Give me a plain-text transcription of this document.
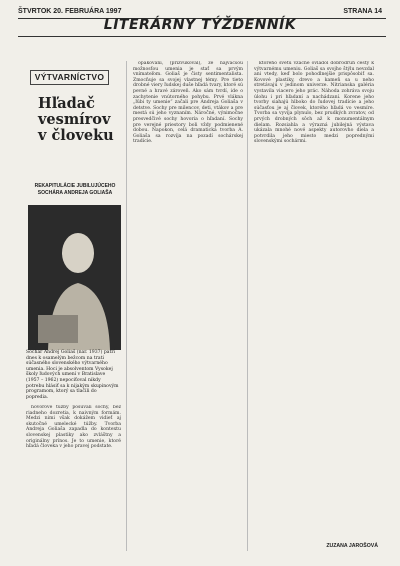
ŠTVRTOK 20. FEBRUÁRA 1997	STRANA 14
LITERÁRNY TÝŽDENNÍK
VÝTVARNÍCTVO
Hľadač vesmírov v človeku
REKAPITULÁCIE JUBILUJÚCEHO SOCHÁRA ANDREJA GOLIAŠA
Sochár Andrej Goliaš (nar. 1937) patrí dnes k osamelým bežcom na trati súčasného slovenského výtvarného umenia. Hoci je absolventom Vysokej školy ľudových umení v Bratislave (1957 – 1962) nepociťoval nikdy potrebu hlásiť sa k nijakým skupinovým programom, ktorý sa tlačili do popredia.

hovorové túžby posúvali sochy, bez riadneho dozretia, k naivným formám. Medzi nimi však dokážem vidieť aj skutočné umelecké túžby. Tvorba Andreja Goliaša zapadla do kontextu slovenskej plastiky ako zvláštny a originálny prínos. Je to umenie, ktoré hľadá človeka v jeho pravej podstate.

opakovaní, (prízvukoval), že najväčšou možnosťou umenia je stať sa prvým vnímateľom. Goliaš je čisty sentimentalista. Zmocňuje sa svojej vlastnej témy. Pre tieto drobné viery ľudskej duše hľadá tvary, ktoré sú pevné a hravé zároveň. Ako sám tvrdí, ide o zachytenie vnútorného pohybu. Prvé vlákna „ľúbi ty umenie“ začali pre Andreja Goliaša v detstve. Sochy pre milencov, deti, vtákov a pre mestá sú jeho vyznaním. Náročné, výnimočne presvedčivé sochy hovoria o hľadaní. Sochy pre verejné priestory boli vždy podmienené dobou. Napokon, celá dramatická tvorba A. Goliaša sa rozvíja na pozadí sochárskej tradície.

ktorého svetu vzácne ovládol dobrodruh cesty k výtvarnému umeniu. Goliaš sa svojho štýlu nevzdal ani vtedy, keď bolo pohodlnejšie prispôsobiť sa. Kovové plastiky, drevo a kameň sa u neho stretávajú v jedinom univerze. Nitrianska galéria vystavila viacero jeho prác. Náhoda zohráva svoju úlohu i pri hľadaní a nachádzaní. Korene jeho tvorby siahajú hlboko do ľudovej tradície a jeho súčasťou je aj človek, ktorého hľadá vo vesmíre. Tvorba sa vyvíja plynulo, bez prudkých zvratov, od prvých drobných sôch až k monumentálnym dielam. Rozsiahla a výrazná jubilejná výstava ukázala mnohé nové aspekty autorovho diela a potvrdila jeho miesto medzi poprednými slovenskými sochármi.

ZUZANA JAROŠOVÁ
